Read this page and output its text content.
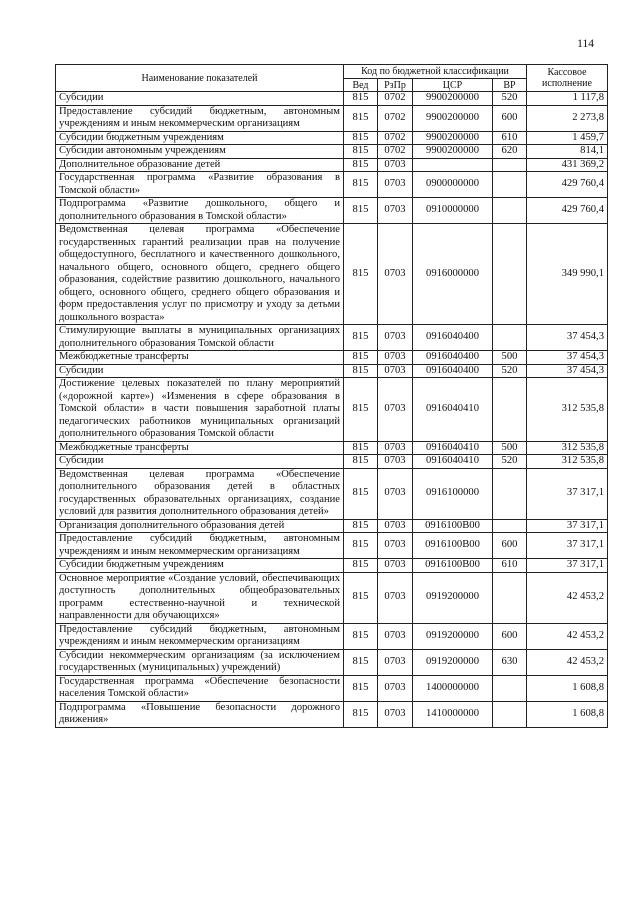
114
Наименование показателей	Код по бюджетной классификации				Кассовое исполнение
	Вед	РзПр	ЦСР	ВР	
Субсидии	815	0702	9900200000	520	1 117,8
Предоставление субсидий бюджетным, автономным учреждениям и иным некоммерческим организациям	815	0702	9900200000	600	2 273,8
Субсидии бюджетным учреждениям	815	0702	9900200000	610	1 459,7
Субсидии автономным учреждениям	815	0702	9900200000	620	814,1
Дополнительное образование детей	815	0703			431 369,2
Государственная программа «Развитие образования в Томской области»	815	0703	0900000000		429 760,4
Подпрограмма «Развитие дошкольного, общего и дополнительного образования в Томской области»	815	0703	0910000000		429 760,4
Ведомственная целевая программа «Обеспечение государственных гарантий реализации прав на получение общедоступного, бесплатного и качественного дошкольного, начального общего, основного общего, среднего общего образования, содействие развитию дошкольного, начального общего, основного общего, среднего общего образования и форм предоставления услуг по присмотру и уходу за детьми дошкольного возраста»	815	0703	0916000000		349 990,1
Стимулирующие выплаты в муниципальных организациях дополнительного образования Томской области	815	0703	0916040400		37 454,3
Межбюджетные трансферты	815	0703	0916040400	500	37 454,3
Субсидии	815	0703	0916040400	520	37 454,3
Достижение целевых показателей по плану мероприятий («дорожной карте») «Изменения в сфере образования в Томской области» в части повышения заработной платы педагогических работников муниципальных организаций дополнительного образования Томской области	815	0703	0916040410		312 535,8
Межбюджетные трансферты	815	0703	0916040410	500	312 535,8
Субсидии	815	0703	0916040410	520	312 535,8
Ведомственная целевая программа «Обеспечение дополнительного образования детей в областных государственных образовательных организациях, создание условий для развития дополнительного образования детей»	815	0703	0916100000		37 317,1
Организация дополнительного образования детей	815	0703	0916100В00		37 317,1
Предоставление субсидий бюджетным, автономным учреждениям и иным некоммерческим организациям	815	0703	0916100В00	600	37 317,1
Субсидии бюджетным учреждениям	815	0703	0916100В00	610	37 317,1
Основное мероприятие «Создание условий, обеспечивающих доступность дополнительных общеобразовательных программ естественно-научной и технической направленности для обучающихся»	815	0703	0919200000		42 453,2
Предоставление субсидий бюджетным, автономным учреждениям и иным некоммерческим организациям	815	0703	0919200000	600	42 453,2
Субсидии некоммерческим организациям (за исключением государственных (муниципальных) учреждений)	815	0703	0919200000	630	42 453,2
Государственная программа «Обеспечение безопасности населения Томской области»	815	0703	1400000000		1 608,8
Подпрограмма «Повышение безопасности дорожного движения»	815	0703	1410000000		1 608,8
